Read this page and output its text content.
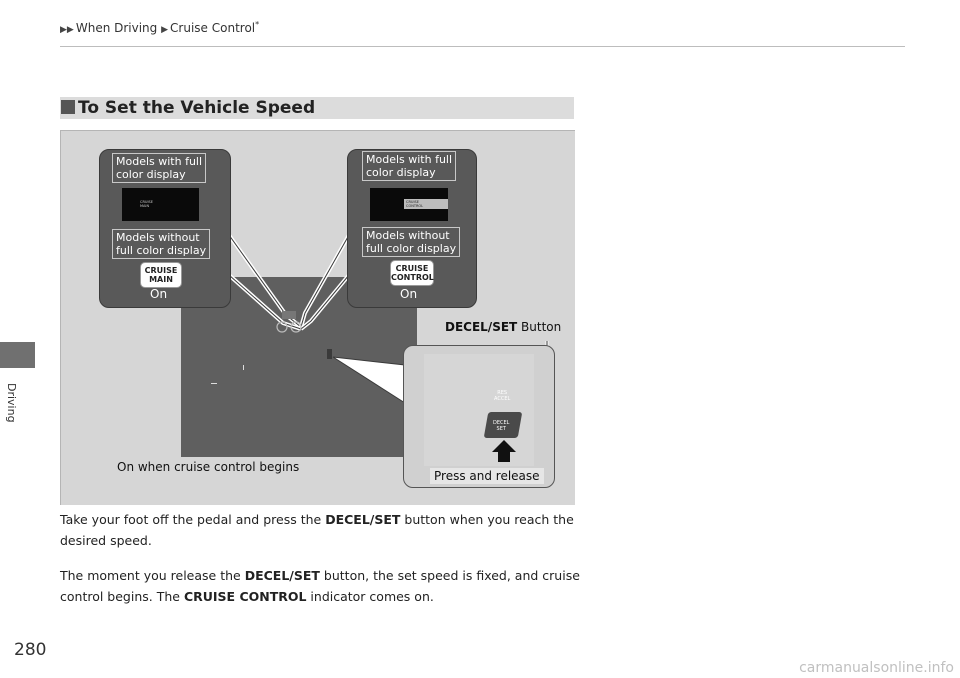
▶▶ When Driving ▶ Cruise Control*
Driving
To Set the Vehicle Speed
Models with full
color display
CRUISE
MAIN
Models without
full color display
CRUISE
MAIN
On
Models with full
color display
CRUISE
CONTROL
Models without
full color display
CRUISE
CONTROL
On
DECEL/SET Button
RES
ACCEL
DECEL
SET
Press and release
On when cruise control begins
Take your foot off the pedal and press the DECEL/SET button when you reach the desired speed.
The moment you release the DECEL/SET button, the set speed is fixed, and cruise control begins. The CRUISE CONTROL indicator comes on.
280
carmanualsonline.info
